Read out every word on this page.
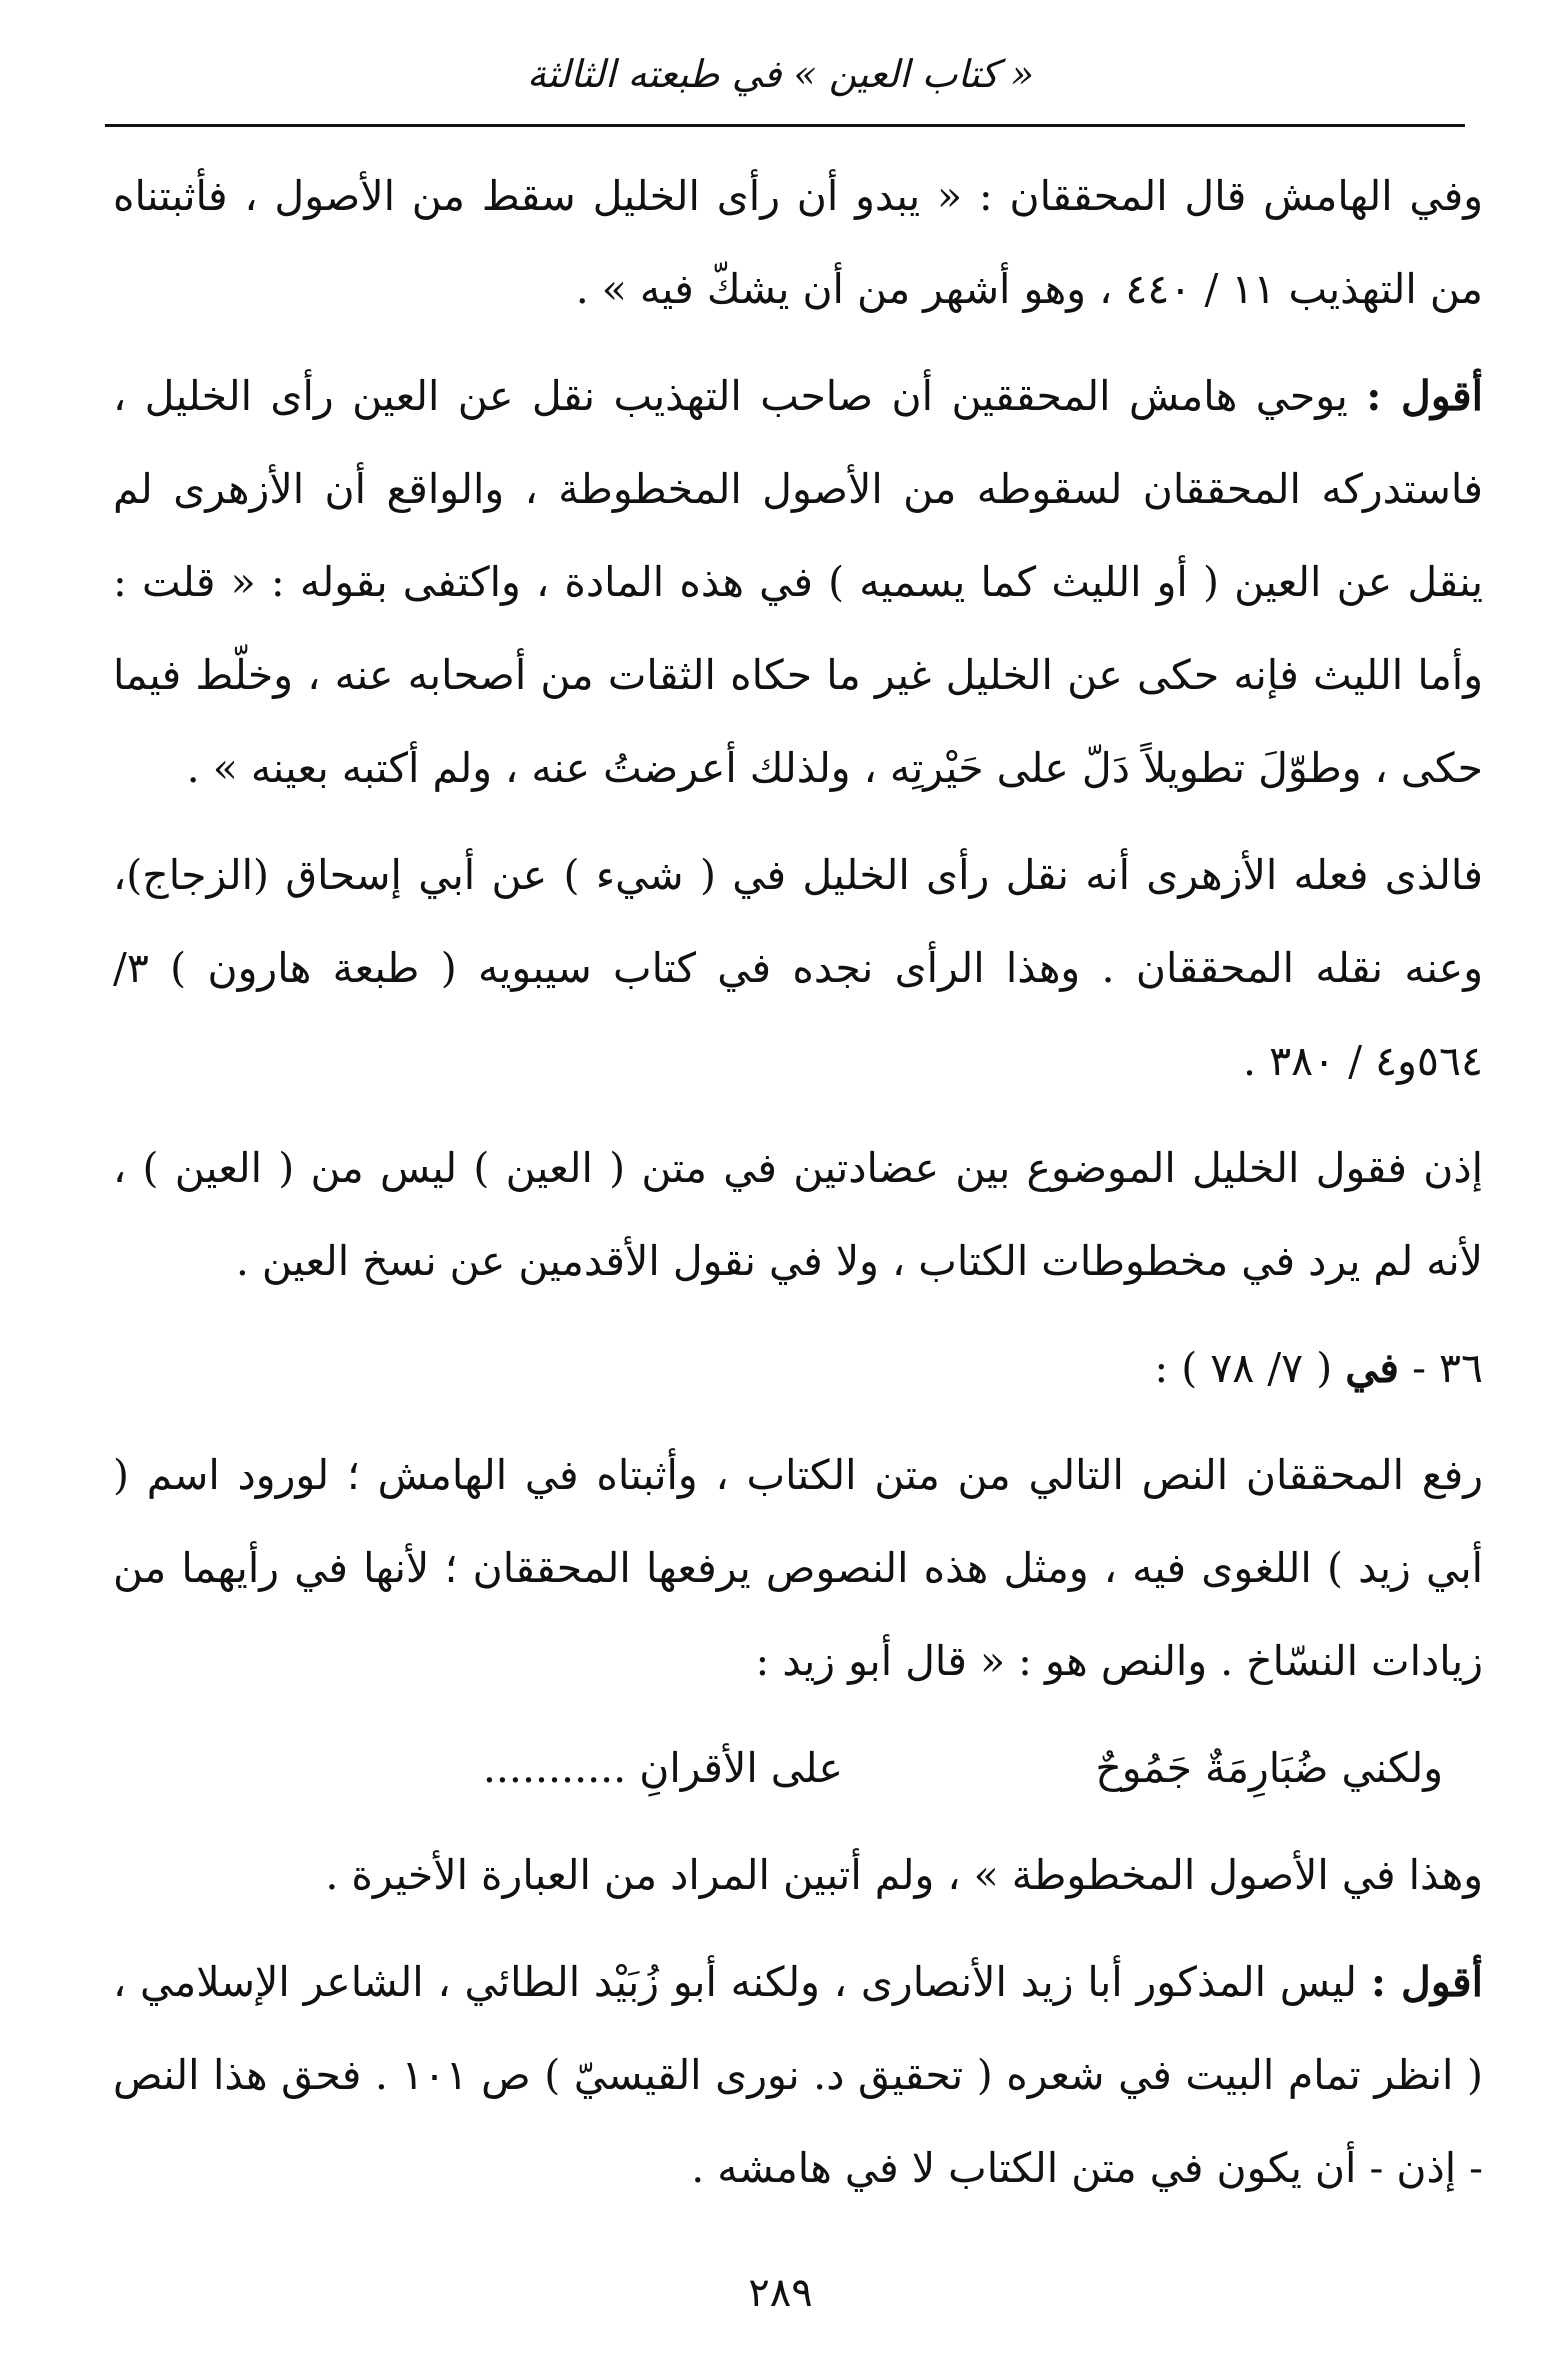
« كتاب العين » في طبعته الثالثة

وفي الهامش قال المحققان : « يبدو أن رأى الخليل سقط من الأصول ، فأثبتناه من التهذيب ١١ / ٤٤٠ ، وهو أشهر من أن يشكّ فيه » .

أقول : يوحي هامش المحققين أن صاحب التهذيب نقل عن العين رأى الخليل ، فاستدركه المحققان لسقوطه من الأصول المخطوطة ، والواقع أن الأزهرى لم ينقل عن العين ( أو الليث كما يسميه ) في هذه المادة ، واكتفى بقوله : « قلت : وأما الليث فإنه حكى عن الخليل غير ما حكاه الثقات من أصحابه عنه ، وخلّط فيما حكى ، وطوّلَ تطويلاً دَلّ على حَيْرتِه ، ولذلك أعرضتُ عنه ، ولم أكتبه بعينه » .

فالذى فعله الأزهرى أنه نقل رأى الخليل في ( شيء ) عن أبي إسحاق (الزجاج)، وعنه نقله المحققان . وهذا الرأى نجده في كتاب سيبويه ( طبعة هارون ) ٣/ ٥٦٤و٤ / ٣٨٠ .

إذن فقول الخليل الموضوع بين عضادتين في متن ( العين ) ليس من ( العين ) ، لأنه لم يرد في مخطوطات الكتاب ، ولا في نقول الأقدمين عن نسخ العين .

٣٦ - في ( ٧/ ٧٨ ) :

رفع المحققان النص التالي من متن الكتاب ، وأثبتاه في الهامش ؛ لورود اسم ( أبي زيد ) اللغوى فيه ، ومثل هذه النصوص يرفعها المحققان ؛ لأنها في رأيهما من زيادات النسّاخ . والنص هو : « قال أبو زيد :

ولكني ضُبَارِمَةٌ جَمُوحٌ
على الأقرانِ ...........

وهذا في الأصول المخطوطة » ، ولم أتبين المراد من العبارة الأخيرة .

أقول : ليس المذكور أبا زيد الأنصارى ، ولكنه أبو زُبَيْد الطائي ، الشاعر الإسلامي ، ( انظر تمام البيت في شعره ( تحقيق د. نورى القيسيّ ) ص ١٠١ . فحق هذا النص - إذن - أن يكون في متن الكتاب لا في هامشه .

٢٨٩
